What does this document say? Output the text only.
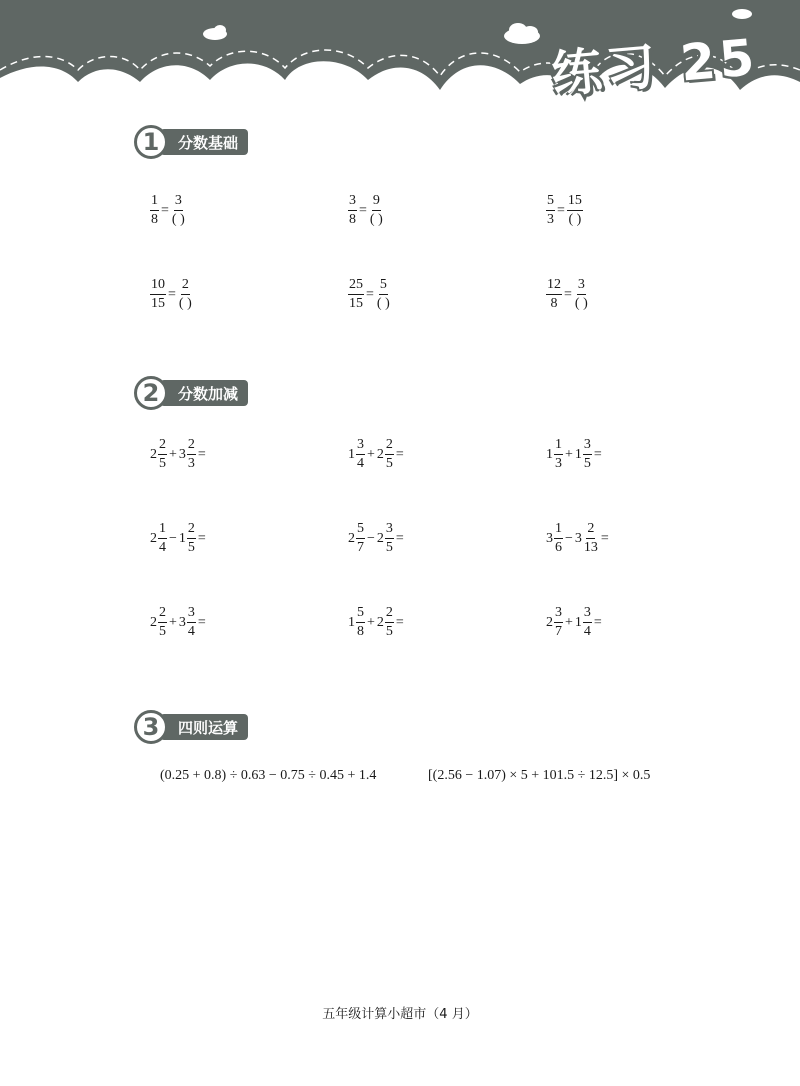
练习 25
1	分数基础
$\frac{1}{8} = \frac{3}{( )}$	$\frac{3}{8} = \frac{9}{( )}$	$\frac{5}{3} = \frac{15}{( )}$
$\frac{10}{15} = \frac{2}{( )}$	$\frac{25}{15} = \frac{5}{( )}$	$\frac{12}{8} = \frac{3}{( )}$
2	分数加减
$2 \frac{2}{5} + 3 \frac{2}{3}$ =	$1 \frac{3}{4} + 2 \frac{2}{5}$ =	$1 \frac{1}{3} + 1 \frac{3}{5}$ =
$2 \frac{1}{4} - 1 \frac{2}{5}$ =	$2 \frac{5}{7} - 2 \frac{3}{5}$ =	$3 \frac{1}{6} - 3 \frac{2}{13}$ =
$2 \frac{2}{5} + 3 \frac{3}{4}$ =	$1 \frac{5}{8} + 2 \frac{2}{5}$ =	$2 \frac{3}{7} + 1 \frac{3}{4}$ =
3	四则运算
(0.25 + 0.8) ÷ 0.63 − 0.75 ÷ 0.45 + 1.4	[(2.56 − 1.07) × 5 + 101.5 ÷ 12.5] × 0.5
五年级计算小超市（4 月）
